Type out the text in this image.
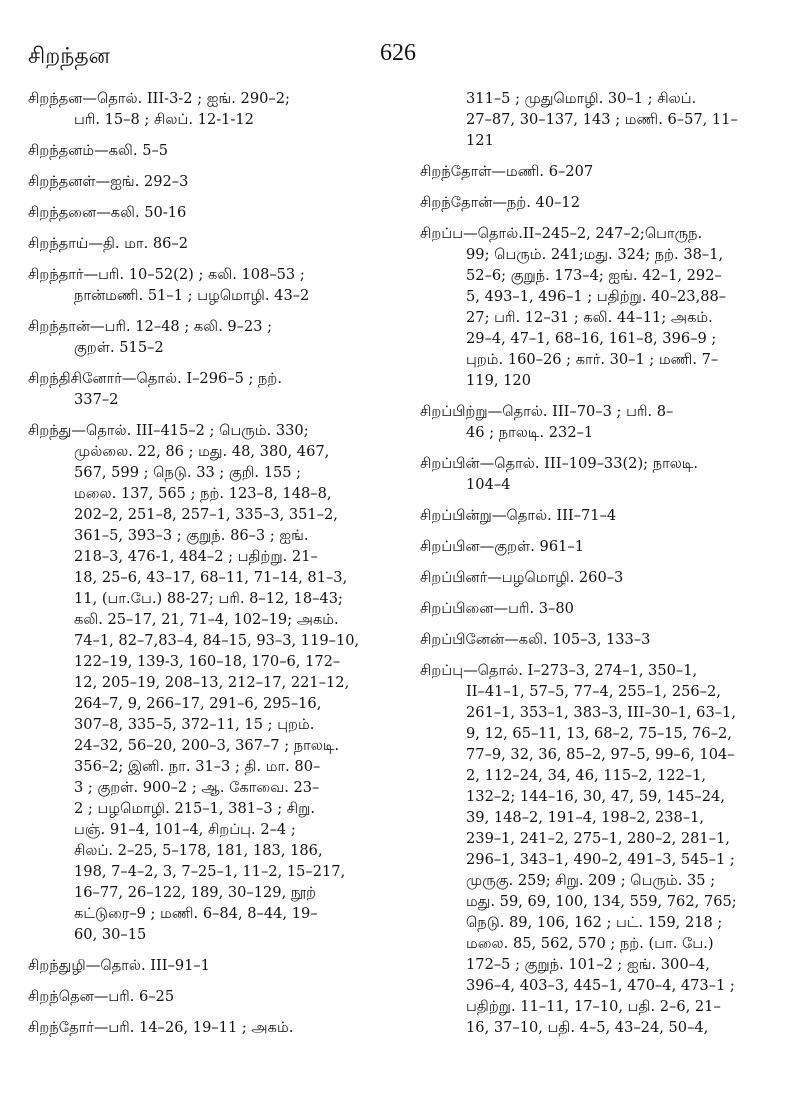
சிறந்தன	626
சிறந்தன—தொல். III-3-2 ; ஐங். 290–2;
பரி. 15–8 ; சிலப். 12-1-12
சிறந்தனம்—கலி. 5–5
சிறந்தனள்—ஐங். 292–3
சிறந்தனை—கலி. 50-16
சிறந்தாய்—தி. மா. 86–2
சிறந்தார்—பரி. 10–52(2) ; கலி. 108–53 ;
நான்மணி. 51–1 ; பழமொழி. 43–2
சிறந்தான்—பரி. 12–48 ; கலி. 9–23 ;
குறள். 515–2
சிறந்திசினோர்—தொல். I–296–5 ; நற்.
337–2
சிறந்து—தொல். III–415–2 ; பெரும். 330;
முல்லை. 22, 86 ; மது. 48, 380, 467,
567, 599 ; நெடு. 33 ; குறி. 155 ;
மலை. 137, 565 ; நற். 123–8, 148–8,
202–2, 251–8, 257–1, 335–3, 351–2,
361–5, 393–3 ; குறுந். 86–3 ; ஐங்.
218–3, 476-1, 484–2 ; பதிற்று. 21–
18, 25–6, 43–17, 68–11, 71–14, 81–3,
11, (பா.பே.) 88-27; பரி. 8–12, 18–43;
கலி. 25–17, 21, 71–4, 102–19; அகம்.
74–1, 82–7,83–4, 84–15, 93–3, 119–10,
122–19, 139-3, 160–18, 170–6, 172–
12, 205–19, 208–13, 212–17, 221–12,
264–7, 9, 266–17, 291–6, 295–16,
307–8, 335–5, 372–11, 15 ; புறம்.
24–32, 56–20, 200–3, 367–7 ; நாலடி.
356–2; இனி. நா. 31–3 ; தி. மா. 80–
3 ; குறள். 900–2 ; ஆ. கோவை. 23–
2 ; பழமொழி. 215–1, 381–3 ; சிறு.
பஞ். 91–4, 101–4, சிறப்பு. 2–4 ;
சிலப். 2–25, 5–178, 181, 183, 186,
198, 7–4–2, 3, 7–25–1, 11–2, 15–217,
16–77, 26–122, 189, 30–129, நூற்
கட்டுரை–9 ; மணி. 6–84, 8–44, 19–
60, 30–15
சிறந்துழி—தொல். III–91–1
சிறந்தென—பரி. 6–25
சிறந்தோர்—பரி. 14–26, 19–11 ; அகம்.
311–5 ; முதுமொழி. 30–1 ; சிலப்.
27–87, 30–137, 143 ; மணி. 6–57, 11–
121
சிறந்தோள்—மணி. 6–207
சிறந்தோன்—நற். 40–12
சிறப்ப—தொல்.II–245–2, 247–2;பொருந.
99; பெரும். 241;மது. 324; நற். 38–1,
52–6; குறுந். 173–4; ஐங். 42–1, 292–
5, 493–1, 496–1 ; பதிற்று. 40–23,88–
27; பரி. 12–31 ; கலி. 44–11; அகம்.
29–4, 47–1, 68–16, 161–8, 396–9 ;
புறம். 160–26 ; கார். 30–1 ; மணி. 7–
119, 120
சிறப்பிற்று—தொல். III–70–3 ; பரி. 8–
46 ; நாலடி. 232–1
சிறப்பின்—தொல். III–109–33(2); நாலடி.
104–4
சிறப்பின்று—தொல். III–71–4
சிறப்பின—குறள். 961–1
சிறப்பினர்—பழமொழி. 260–3
சிறப்பினை—பரி. 3–80
சிறப்பினேன்—கலி. 105–3, 133–3
சிறப்பு—தொல். I–273–3, 274–1, 350–1,
II–41–1, 57–5, 77–4, 255–1, 256–2,
261–1, 353–1, 383–3, III–30–1, 63–1,
9, 12, 65–11, 13, 68–2, 75–15, 76–2,
77–9, 32, 36, 85–2, 97–5, 99–6, 104–
2, 112–24, 34, 46, 115–2, 122–1,
132–2; 144–16, 30, 47, 59, 145–24,
39, 148–2, 191–4, 198–2, 238–1,
239–1, 241–2, 275–1, 280–2, 281–1,
296–1, 343–1, 490–2, 491–3, 545–1 ;
முருகு. 259; சிறு. 209 ; பெரும். 35 ;
மது. 59, 69, 100, 134, 559, 762, 765;
நெடு. 89, 106, 162 ; பட். 159, 218 ;
மலை. 85, 562, 570 ; நற். (பா. பே.)
172–5 ; குறுந். 101–2 ; ஐங். 300–4,
396–4, 403–3, 445–1, 470–4, 473–1 ;
பதிற்று. 11–11, 17–10, பதி. 2–6, 21–
16, 37–10, பதி. 4–5, 43–24, 50–4,
